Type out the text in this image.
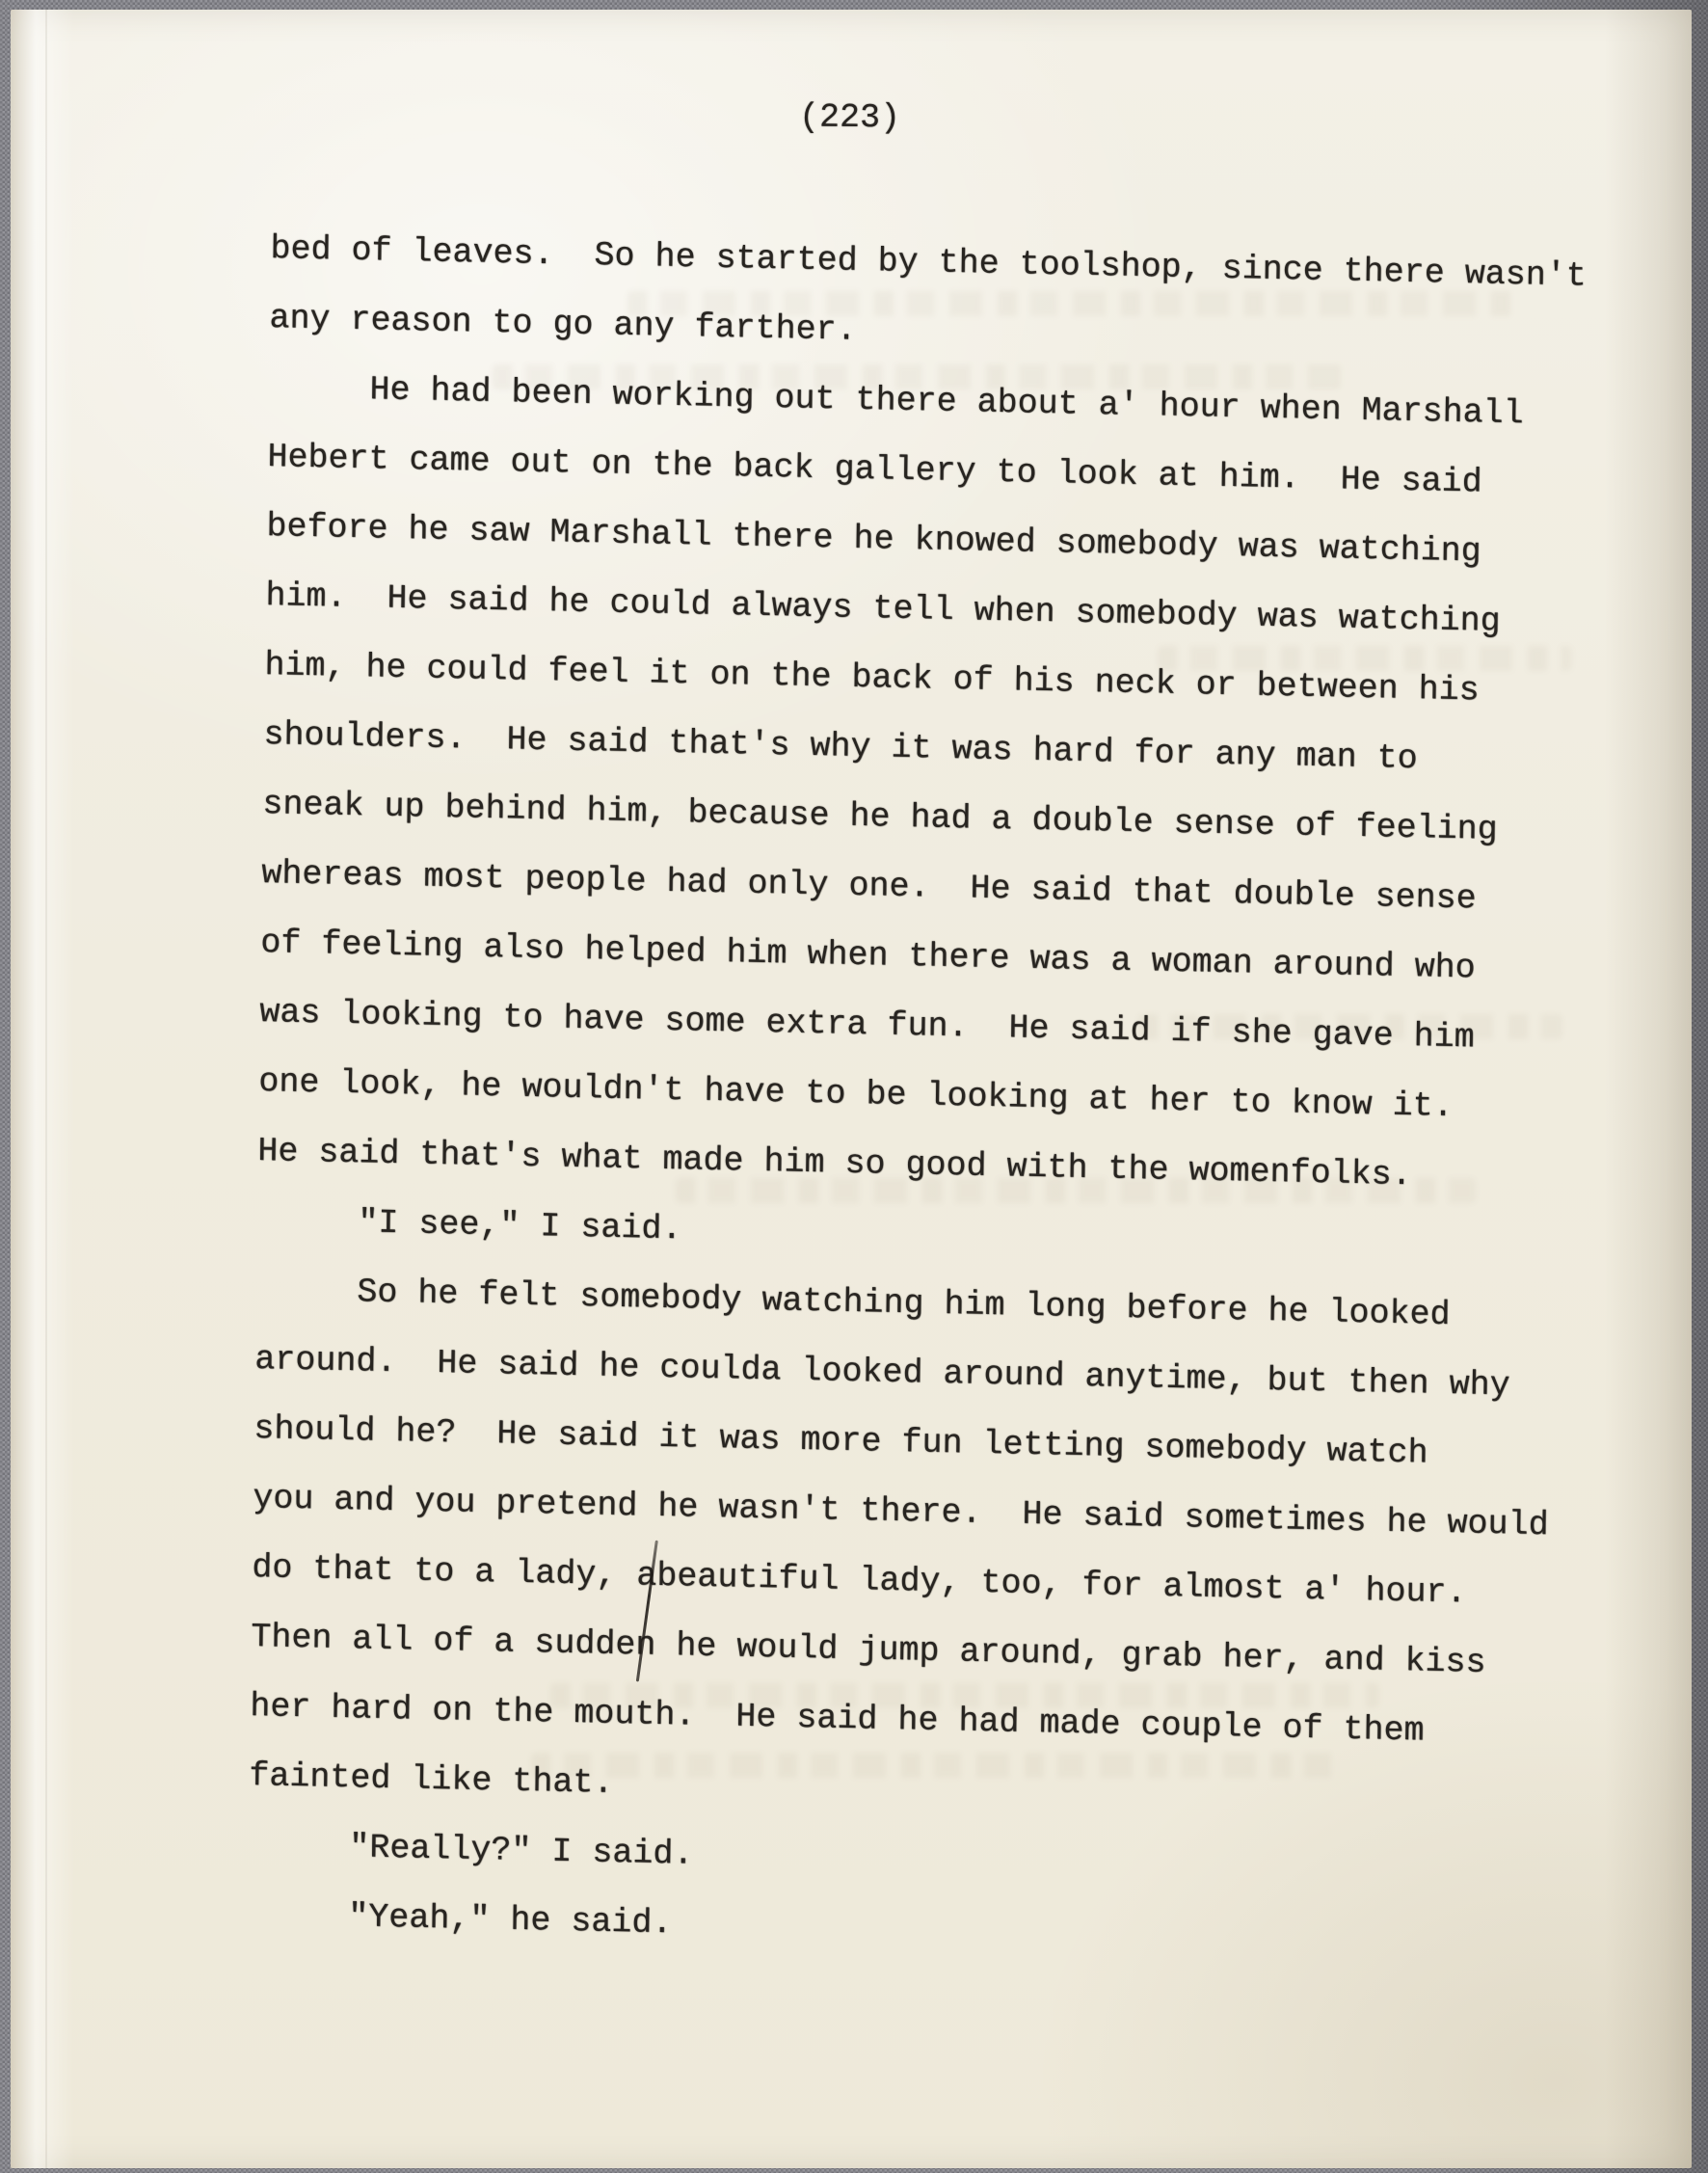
(223)
bed of leaves.  So he started by the toolshop, since there wasn't
any reason to go any farther.
He had been working out there about a' hour when Marshall
Hebert came out on the back gallery to look at him.  He said
before he saw Marshall there he knowed somebody was watching
him.  He said he could always tell when somebody was watching
him, he could feel it on the back of his neck or between his
shoulders.  He said that's why it was hard for any man to
sneak up behind him, because he had a double sense of feeling
whereas most people had only one.  He said that double sense
of feeling also helped him when there was a woman around who
was looking to have some extra fun.  He said if she gave him
one look, he wouldn't have to be looking at her to know it.
He said that's what made him so good with the womenfolks.
"I see," I said.
So he felt somebody watching him long before he looked
around.  He said he coulda looked around anytime, but then why
should he?  He said it was more fun letting somebody watch
you and you pretend he wasn't there.  He said sometimes he would
do that to a lady, a
beautiful lady, too, for almost a' hour.
Then all of a sudden he would jump around, grab her, and kiss
her hard on the mouth.  He said he had made couple of them
fainted like that.
"Really?" I said.
"Yeah," he said.
